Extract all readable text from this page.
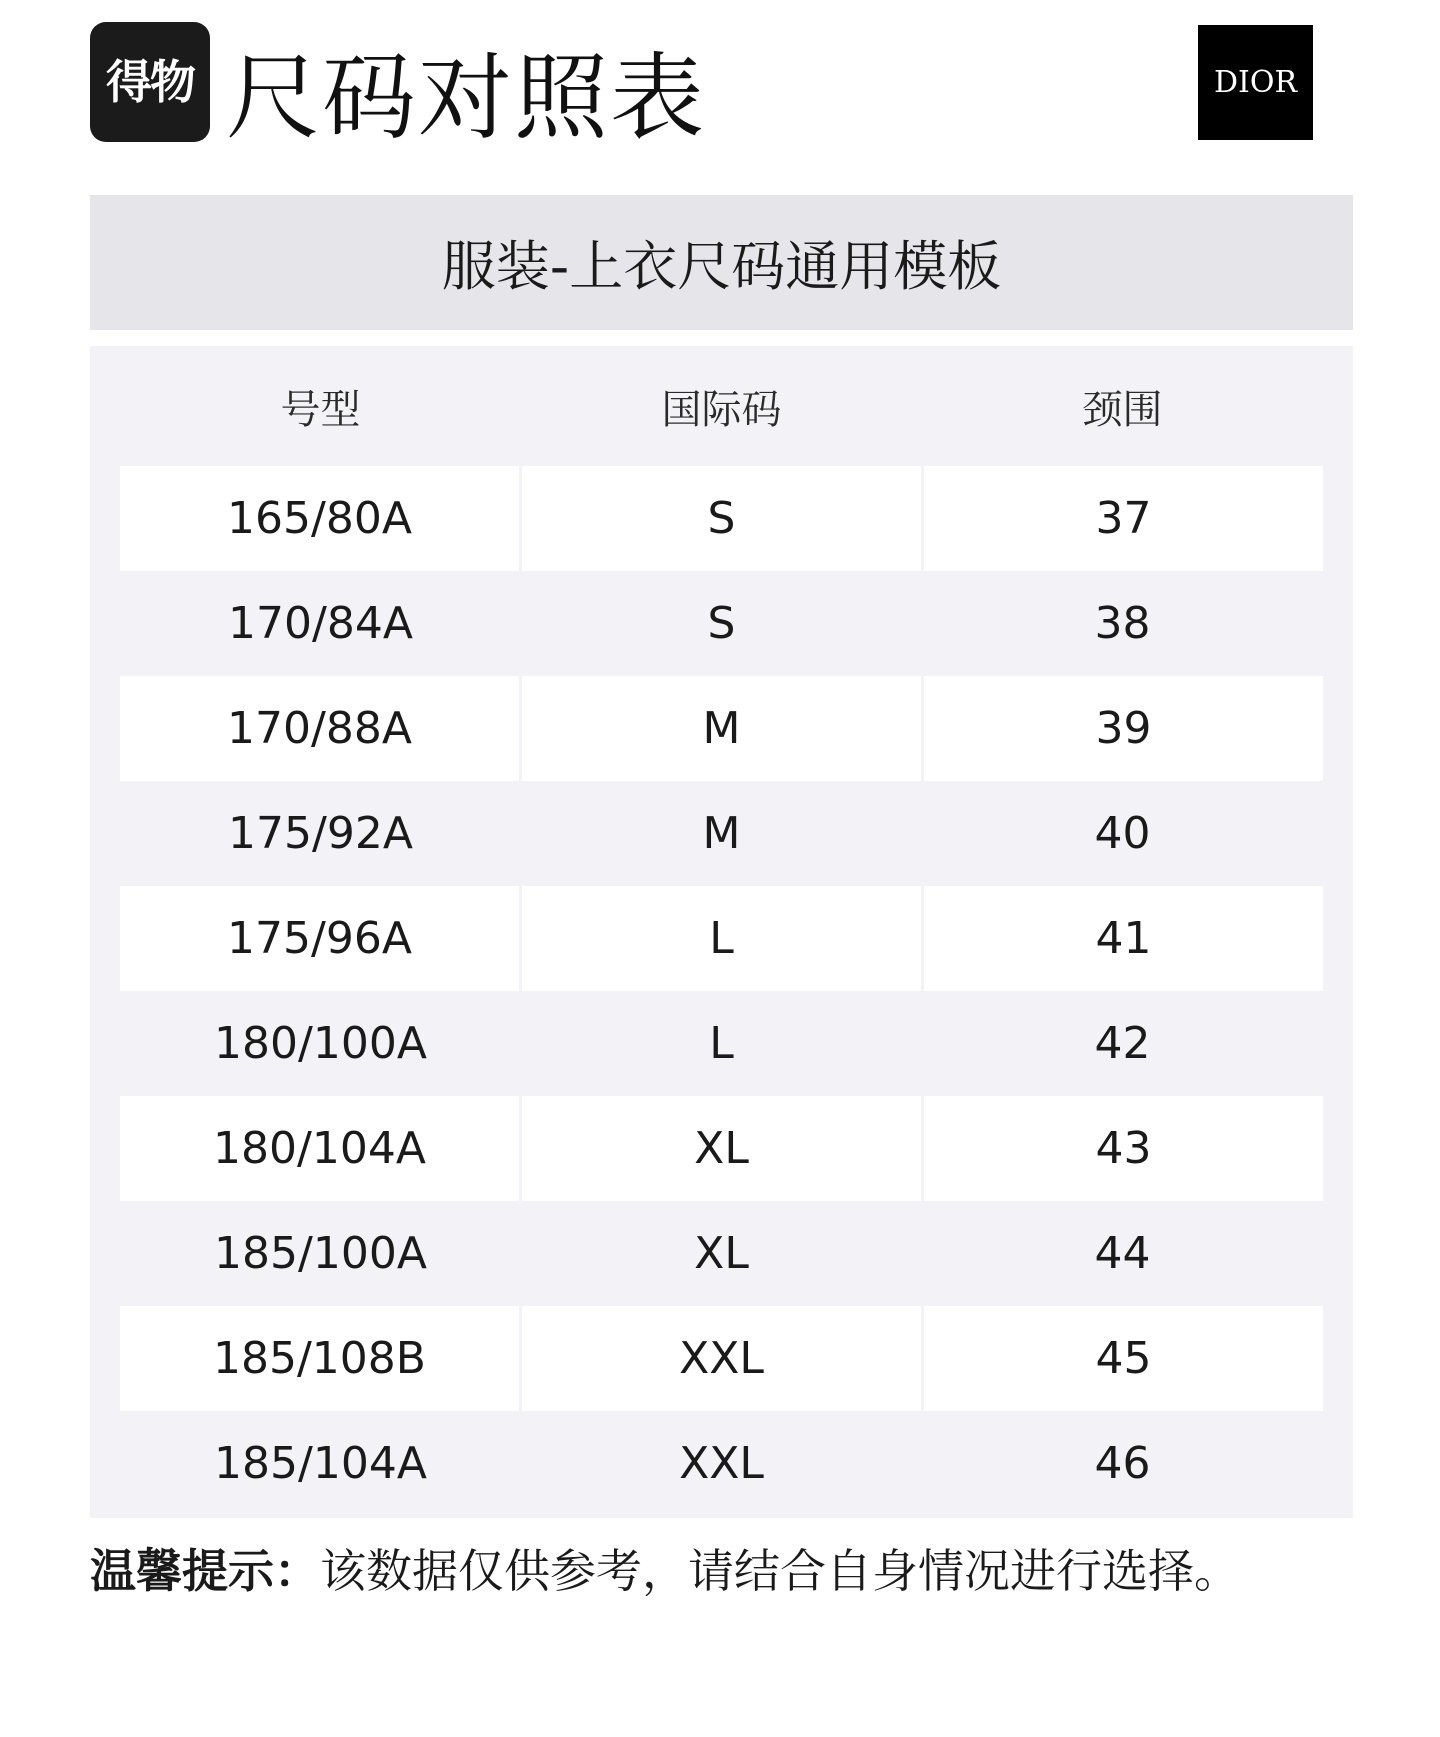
得物 尺码对照表	DIOR
服装-上衣尺码通用模板
号型	国际码	颈围
165/80A	S	37
170/84A	S	38
170/88A	M	39
175/92A	M	40
175/96A	L	41
180/100A	L	42
180/104A	XL	43
185/100A	XL	44
185/108B	XXL	45
185/104A	XXL	46
温馨提示：该数据仅供参考，请结合自身情况进行选择。
